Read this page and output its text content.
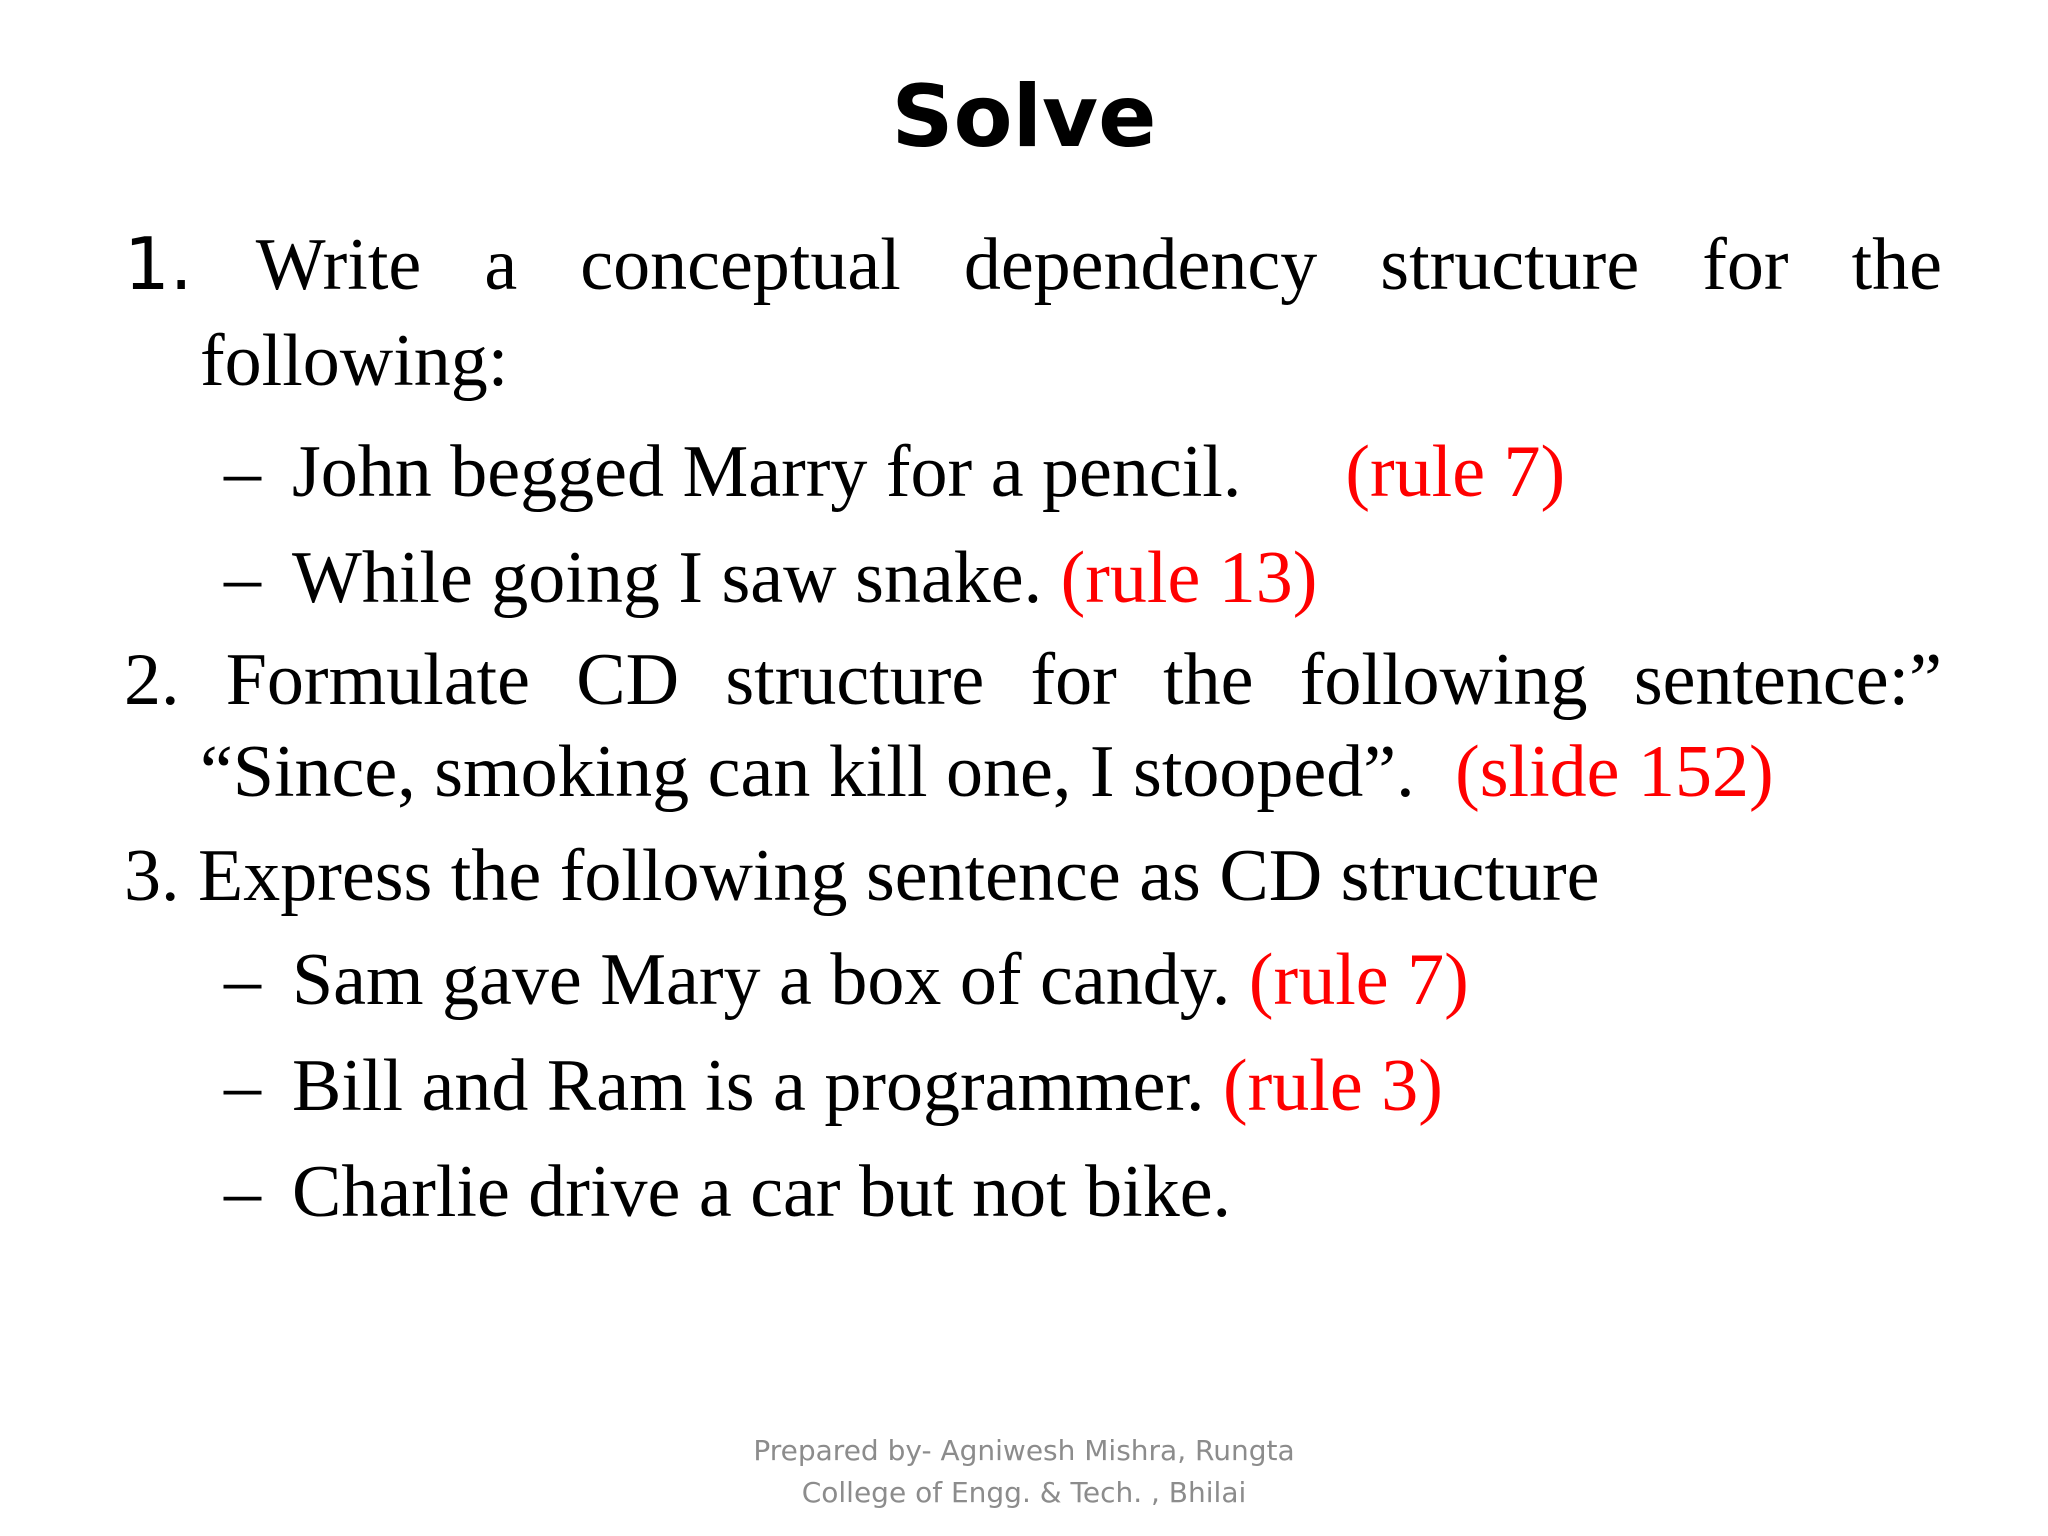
Solve
1. Write a conceptual dependency structure for the
following:
– John begged Marry for a pencil. (rule 7)
– While going I saw snake. (rule 13)
2. Formulate CD structure for the following sentence:”
“Since, smoking can kill one, I stooped”. (slide 152)
3. Express the following sentence as CD structure
– Sam gave Mary a box of candy. (rule 7)
– Bill and Ram is a programmer. (rule 3)
– Charlie drive a car but not bike.
Prepared by- Agniwesh Mishra, Rungta
College of Engg. & Tech. , Bhilai
